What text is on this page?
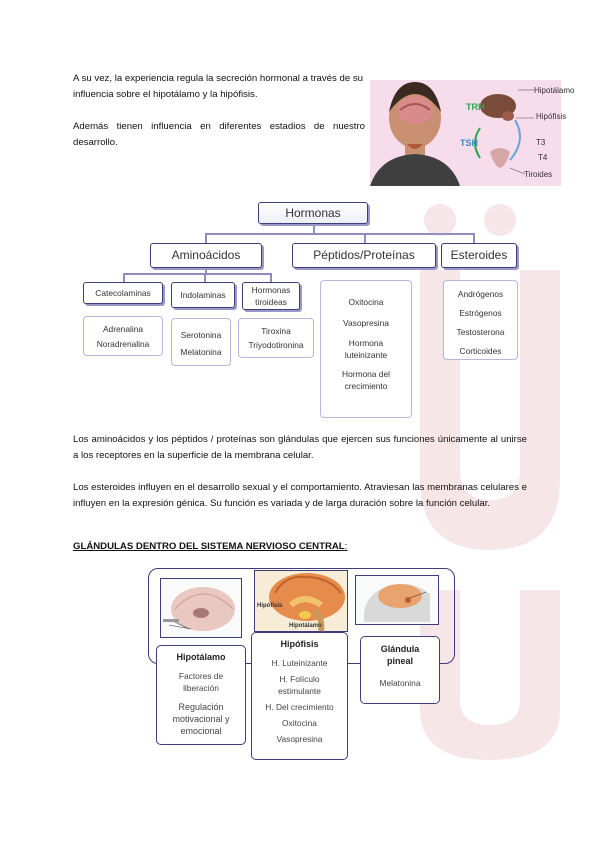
A su vez, la experiencia regula la secreción hormonal a través de su influencia sobre el hipotálamo y la hipófisis.
Además tienen influencia en diferentes estadios de nuestro desarrollo.
TRH
TSH
Hipotálamo
Hipófisis
T3
T4
Tiroides
Hormonas
Aminoácidos	Péptidos/Proteínas	Esteroides
Catecolaminas	Indolaminas	Hormonas tiroideas
Adrenalina
Noradrenalina
Serotonina
Melatonina
Tiroxina
Triyodotironina
Oxitocina
Vasopresina
Hormona luteinizante
Hormona del crecimiento
Andrógenos
Estrógenos
Testosterona
Corticoides
Los aminoácidos y los péptidos / proteínas son glándulas que ejercen sus funciones únicamente al unirse a los receptores en la superficie de la membrana celular.
Los esteroides influyen en el desarrollo sexual y el comportamiento. Atraviesan las membranas celulares e influyen en la expresión génica. Su función es variada y de larga duración sobre la función celular.
GLÁNDULAS DENTRO DEL SISTEMA NERVIOSO CENTRAL:
Hipófisis
Hipotálamo
Hipotálamo
Factores de liberación
Regulación motivacional y emocional
Hipófisis
H. Luteinizante
H. Folículo estimulante
H. Del crecimiento
Oxitocina
Vasopresina
Glándula pineal
Melatonina
